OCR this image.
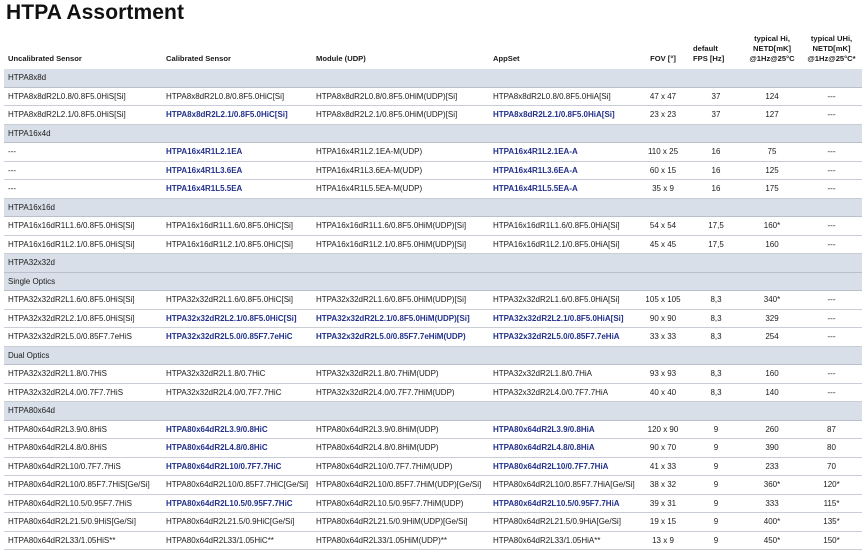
HTPA Assortment
Uncalibrated Sensor	Calibrated Sensor	Module (UDP)	AppSet	FOV [°]	default
FPS [Hz]	typical Hi,
NETD[mK]
@1Hz@25°C	typical UHi,
NETD[mK]
@1Hz@25°C*
HTPA8x8d							
HTPA8x8dR2L0.8/0.8F5.0HiS[Si]	HTPA8x8dR2L0.8/0.8F5.0HiC[Si]	HTPA8x8dR2L0.8/0.8F5.0HiM(UDP)[Si]	HTPA8x8dR2L0.8/0.8F5.0HiA[Si]	47 x 47	37	124	---
HTPA8x8dR2L2.1/0.8F5.0HiS[Si]	HTPA8x8dR2L2.1/0.8F5.0HiC[Si]	HTPA8x8dR2L2.1/0.8F5.0HiM(UDP)[Si]	HTPA8x8dR2L2.1/0.8F5.0HiA[Si]	23 x 23	37	127	---
HTPA16x4d							
---	HTPA16x4R1L2.1EA	HTPA16x4R1L2.1EA-M(UDP)	HTPA16x4R1L2.1EA-A	110 x 25	16	75	---
---	HTPA16x4R1L3.6EA	HTPA16x4R1L3.6EA-M(UDP)	HTPA16x4R1L3.6EA-A	60 x 15	16	125	---
---	HTPA16x4R1L5.5EA	HTPA16x4R1L5.5EA-M(UDP)	HTPA16x4R1L5.5EA-A	35 x 9	16	175	---
HTPA16x16d							
HTPA16x16dR1L1.6/0.8F5.0HiS[Si]	HTPA16x16dR1L1.6/0.8F5.0HiC[Si]	HTPA16x16dR1L1.6/0.8F5.0HiM(UDP)[Si]	HTPA16x16dR1L1.6/0.8F5.0HiA[Si]	54 x 54	17,5	160*	---
HTPA16x16dR1L2.1/0.8F5.0HiS[Si]	HTPA16x16dR1L2.1/0.8F5.0HiC[Si]	HTPA16x16dR1L2.1/0.8F5.0HiM(UDP)[Si]	HTPA16x16dR1L2.1/0.8F5.0HiA[Si]	45 x 45	17,5	160	---
HTPA32x32d							
Single Optics							
HTPA32x32dR2L1.6/0.8F5.0HiS[Si]	HTPA32x32dR2L1.6/0.8F5.0HiC[Si]	HTPA32x32dR2L1.6/0.8F5.0HiM(UDP)[Si]	HTPA32x32dR2L1.6/0.8F5.0HiA[Si]	105 x 105	8,3	340*	---
HTPA32x32dR2L2.1/0.8F5.0HiS[Si]	HTPA32x32dR2L2.1/0.8F5.0HiC[Si]	HTPA32x32dR2L2.1/0.8F5.0HiM(UDP)[Si]	HTPA32x32dR2L2.1/0.8F5.0HiA[Si]	90 x 90	8,3	329	---
HTPA32x32dR2L5.0/0.85F7.7eHiS	HTPA32x32dR2L5.0/0.85F7.7eHiC	HTPA32x32dR2L5.0/0.85F7.7eHiM(UDP)	HTPA32x32dR2L5.0/0.85F7.7eHiA	33 x 33	8,3	254	---
Dual Optics							
HTPA32x32dR2L1.8/0.7HiS	HTPA32x32dR2L1.8/0.7HiC	HTPA32x32dR2L1.8/0.7HiM(UDP)	HTPA32x32dR2L1.8/0.7HiA	93 x 93	8,3	160	---
HTPA32x32dR2L4.0/0.7F7.7HiS	HTPA32x32dR2L4.0/0.7F7.7HiC	HTPA32x32dR2L4.0/0.7F7.7HiM(UDP)	HTPA32x32dR2L4.0/0.7F7.7HiA	40 x 40	8,3	140	---
HTPA80x64d							
HTPA80x64dR2L3.9/0.8HiS	HTPA80x64dR2L3.9/0.8HiC	HTPA80x64dR2L3.9/0.8HiM(UDP)	HTPA80x64dR2L3.9/0.8HiA	120 x 90	9	260	87
HTPA80x64dR2L4.8/0.8HiS	HTPA80x64dR2L4.8/0.8HiC	HTPA80x64dR2L4.8/0.8HiM(UDP)	HTPA80x64dR2L4.8/0.8HiA	90 x 70	9	390	80
HTPA80x64dR2L10/0.7F7.7HiS	HTPA80x64dR2L10/0.7F7.7HiC	HTPA80x64dR2L10/0.7F7.7HiM(UDP)	HTPA80x64dR2L10/0.7F7.7HiA	41 x 33	9	233	70
HTPA80x64dR2L10/0.85F7.7HiS[Ge/Si]	HTPA80x64dR2L10/0.85F7.7HiC[Ge/Si]	HTPA80x64dR2L10/0.85F7.7HiM(UDP)[Ge/Si]	HTPA80x64dR2L10/0.85F7.7HiA[Ge/Si]	38 x 32	9	360*	120*
HTPA80x64dR2L10.5/0.95F7.7HiS	HTPA80x64dR2L10.5/0.95F7.7HiC	HTPA80x64dR2L10.5/0.95F7.7HiM(UDP)	HTPA80x64dR2L10.5/0.95F7.7HiA	39 x 31	9	333	115*
HTPA80x64dR2L21.5/0.9HiS[Ge/Si]	HTPA80x64dR2L21.5/0.9HiC[Ge/Si]	HTPA80x64dR2L21.5/0.9HiM(UDP)[Ge/Si]	HTPA80x64dR2L21.5/0.9HiA[Ge/Si]	19 x 15	9	400*	135*
HTPA80x64dR2L33/1.05HiS**	HTPA80x64dR2L33/1.05HiC**	HTPA80x64dR2L33/1.05HiM(UDP)**	HTPA80x64dR2L33/1.05HiA**	13 x 9	9	450*	150*
